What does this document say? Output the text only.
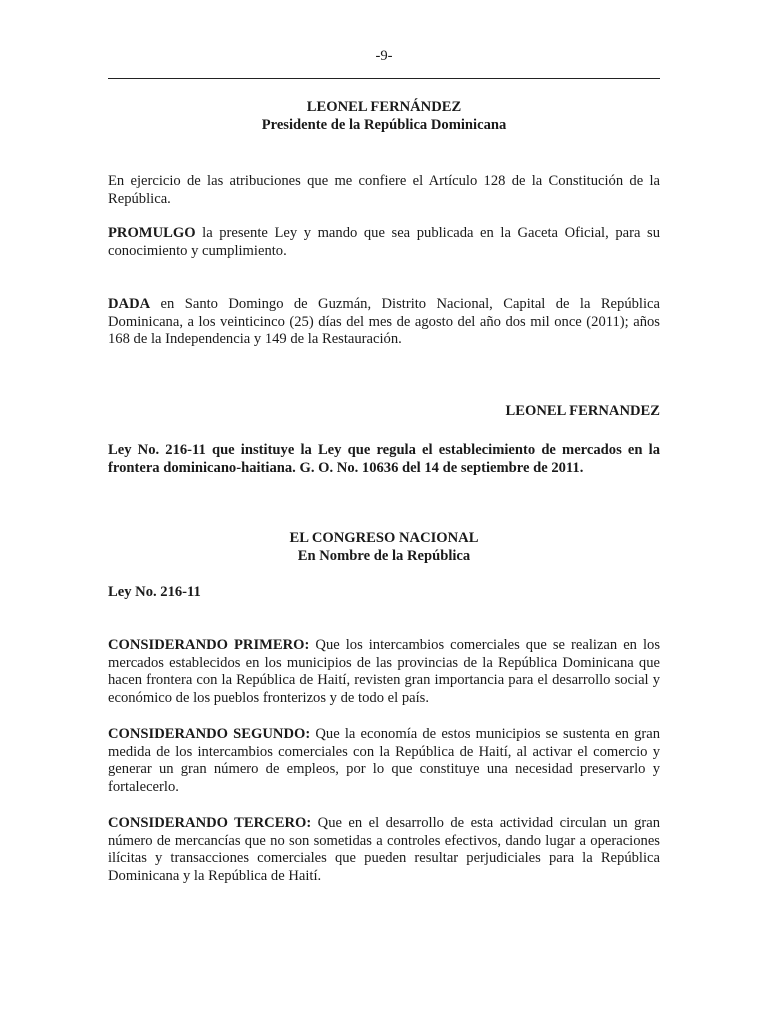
-9-
LEONEL FERNÁNDEZ
Presidente de la República Dominicana
En ejercicio de las atribuciones que me confiere el Artículo 128 de la Constitución de la República.
PROMULGO la presente Ley y mando que sea publicada en la Gaceta Oficial, para su conocimiento y cumplimiento.
DADA en Santo Domingo de Guzmán, Distrito Nacional, Capital de la República Dominicana, a los veinticinco (25) días del mes de agosto del año dos mil once (2011); años 168 de la Independencia y 149 de la Restauración.
LEONEL FERNANDEZ
Ley No. 216-11 que instituye la Ley que regula el establecimiento de mercados en la frontera dominicano-haitiana. G. O. No. 10636 del 14 de septiembre de 2011.
EL CONGRESO NACIONAL
En Nombre de la República
Ley No. 216-11
CONSIDERANDO PRIMERO: Que los intercambios comerciales que se realizan en los mercados establecidos en los municipios de las provincias de la República Dominicana que hacen frontera con la República de Haití, revisten gran importancia para el desarrollo social y económico de los pueblos fronterizos y de todo el país.
CONSIDERANDO SEGUNDO: Que la economía de estos municipios se sustenta en gran medida de los intercambios comerciales con la República de Haití, al activar el comercio y generar un gran número de empleos, por lo que constituye una necesidad preservarlo y fortalecerlo.
CONSIDERANDO TERCERO: Que en el desarrollo de esta actividad circulan un gran número de mercancías que no son sometidas a controles efectivos, dando lugar a operaciones ilícitas y transacciones comerciales que pueden resultar perjudiciales para la República Dominicana y la República de Haití.
